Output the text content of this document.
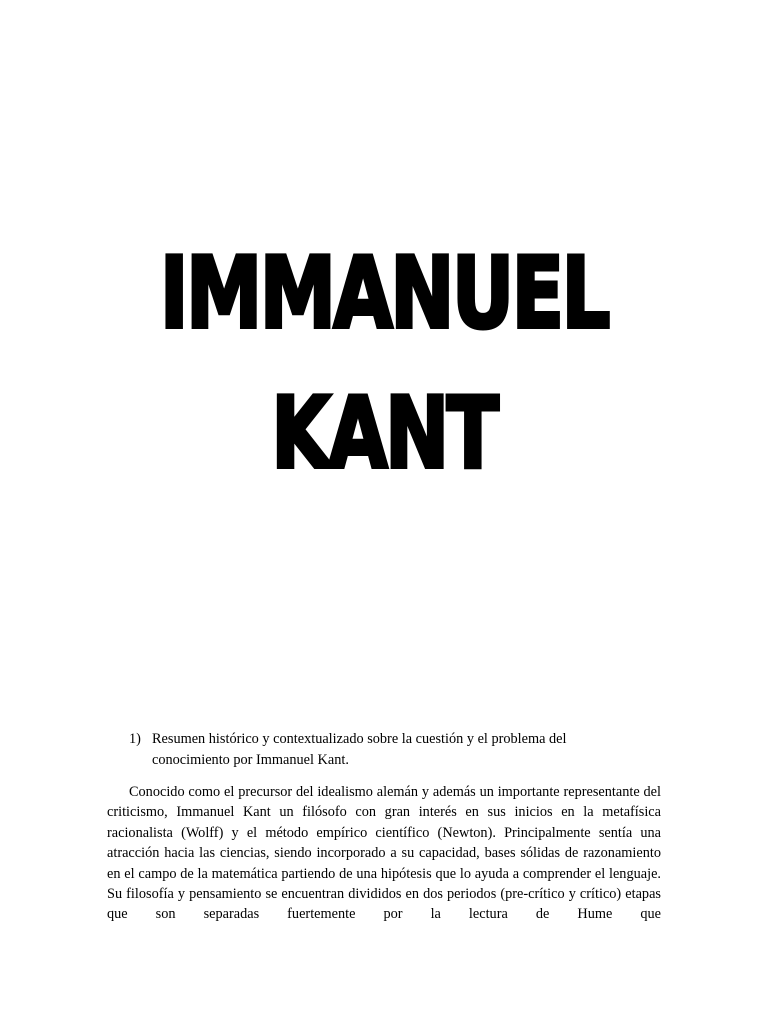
IMMANUEL
KANT
1) Resumen histórico y contextualizado sobre la cuestión y el problema del conocimiento por Immanuel Kant.

Conocido como el precursor del idealismo alemán y además un importante representante del criticismo, Immanuel Kant un filósofo con gran interés en sus inicios en la metafísica racionalista (Wolff) y el método empírico científico (Newton). Principalmente sentía una atracción hacia las ciencias, siendo incorporado a su capacidad, bases sólidas de razonamiento en el campo de la matemática partiendo de una hipótesis que lo ayuda a comprender el lenguaje. Su filosofía y pensamiento se encuentran divididos en dos periodos (pre-crítico y crítico) etapas que son separadas fuertemente por la lectura de Hume que
